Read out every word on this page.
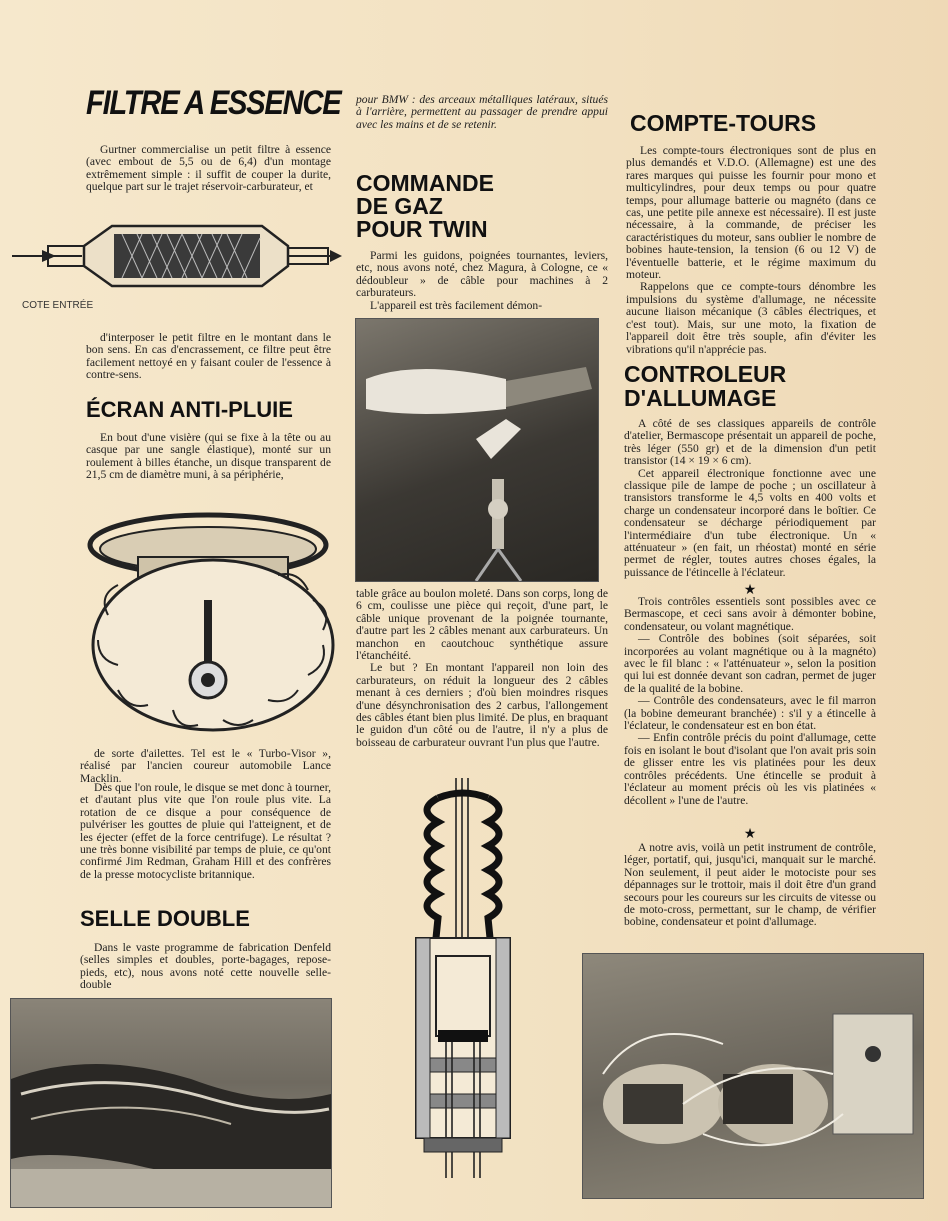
FILTRE A ESSENCE

Gurtner commercialise un petit filtre à essence (avec embout de 5,5 ou de 6,4) d'un montage extrêmement simple : il suffit de couper la durite, quelque part sur le trajet réservoir-carburateur, et

COTE ENTRÉE

d'interposer le petit filtre en le montant dans le bon sens. En cas d'encrassement, ce filtre peut être facilement nettoyé en y faisant couler de l'essence à contre-sens.

ÉCRAN ANTI-PLUIE

En bout d'une visière (qui se fixe à la tête ou au casque par une sangle élastique), monté sur un roulement à billes étanche, un disque transparent de 21,5 cm de diamètre muni, à sa périphérie,

de sorte d'ailettes. Tel est le « Turbo-Visor », réalisé par l'ancien coureur automobile Lance Macklin.

Dès que l'on roule, le disque se met donc à tourner, et d'autant plus vite que l'on roule plus vite. La rotation de ce disque a pour conséquence de pulvériser les gouttes de pluie qui l'atteignent, et de les éjecter (effet de la force centrifuge). Le résultat ? une très bonne visibilité par temps de pluie, ce qu'ont confirmé Jim Redman, Graham Hill et des confrères de la presse motocycliste britannique.

SELLE DOUBLE

Dans le vaste programme de fabrication Denfeld (selles simples et doubles, porte-bagages, repose-pieds, etc), nous avons noté cette nouvelle selle-double

pour BMW : des arceaux métalliques latéraux, situés à l'arrière, permettent au passager de prendre appui avec les mains et de se retenir.

COMMANDE
DE GAZ
POUR TWIN

Parmi les guidons, poignées tournantes, leviers, etc, nous avons noté, chez Magura, à Cologne, ce « dédoubleur » de câble pour machines à 2 carburateurs.

L'appareil est très facilement démon-

table grâce au boulon moleté. Dans son corps, long de 6 cm, coulisse une pièce qui reçoit, d'une part, le câble unique provenant de la poignée tournante, d'autre part les 2 câbles menant aux carburateurs. Un manchon en caoutchouc synthétique assure l'étanchéité.

Le but ? En montant l'appareil non loin des carburateurs, on réduit la longueur des 2 câbles menant à ces derniers ; d'où bien moindres risques d'une désynchronisation des 2 carbus, l'allongement des câbles étant bien plus limité. De plus, en braquant le guidon d'un côté ou de l'autre, il n'y a plus de boisseau de carburateur ouvrant l'un plus que l'autre.

COMPTE-TOURS

Les compte-tours électroniques sont de plus en plus demandés et V.D.O. (Allemagne) est une des rares marques qui puisse les fournir pour mono et multicylindres, pour deux temps ou pour quatre temps, pour allumage batterie ou magnéto (dans ce cas, une petite pile annexe est nécessaire). Il est juste nécessaire, à la commande, de préciser les caractéristiques du moteur, sans oublier le nombre de bobines haute-tension, la tension (6 ou 12 V) de l'éventuelle batterie, et le régime maximum du moteur.

Rappelons que ce compte-tours dénombre les impulsions du système d'allumage, ne nécessite aucune liaison mécanique (3 câbles électriques, et c'est tout). Mais, sur une moto, la fixation de l'appareil doit être très souple, afin d'éviter les vibrations qu'il n'apprécie pas.

CONTROLEUR
D'ALLUMAGE

A côté de ses classiques appareils de contrôle d'atelier, Bermascope présentait un appareil de poche, très léger (550 gr) et de la dimension d'un petit transistor (14 × 19 × 6 cm).

Cet appareil électronique fonctionne avec une classique pile de lampe de poche ; un oscillateur à transistors transforme le 4,5 volts en 400 volts et charge un condensateur incorporé dans le boîtier. Ce condensateur se décharge périodiquement par l'intermédiaire d'un tube électronique. Un « atténuateur » (en fait, un rhéostat) monté en série permet de régler, toutes autres choses égales, la puissance de l'étincelle à l'éclateur.

★

Trois contrôles essentiels sont possibles avec ce Bermascope, et ceci sans avoir à démonter bobine, condensateur, ou volant magnétique.

— Contrôle des bobines (soit séparées, soit incorporées au volant magnétique ou à la magnéto) avec le fil blanc : « l'atténuateur », selon la position qui lui est donnée devant son cadran, permet de juger de la qualité de la bobine.

— Contrôle des condensateurs, avec le fil marron (la bobine demeurant branchée) : s'il y a étincelle à l'éclateur, le condensateur est en bon état.

— Enfin contrôle précis du point d'allumage, cette fois en isolant le bout d'isolant que l'on avait pris soin de glisser entre les vis platinées pour les deux contrôles précédents. Une étincelle se produit à l'éclateur au moment précis où les vis platinées « décollent » l'une de l'autre.

★

A notre avis, voilà un petit instrument de contrôle, léger, portatif, qui, jusqu'ici, manquait sur le marché. Non seulement, il peut aider le motociste pour ses dépannages sur le trottoir, mais il doit être d'un grand secours pour les coureurs sur les circuits de vitesse ou de moto-cross, permettant, sur le champ, de vérifier bobine, condensateur et point d'allumage.
